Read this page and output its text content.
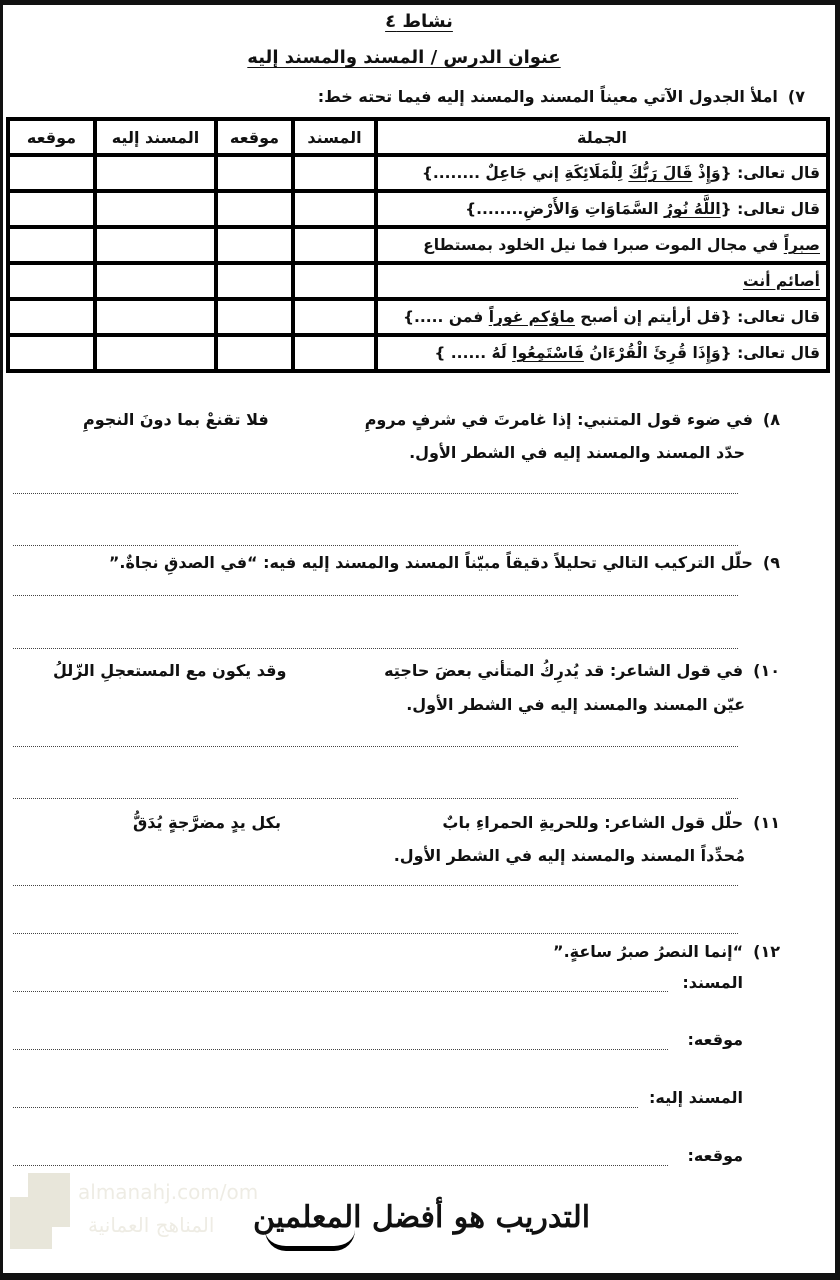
نشاط ٤
عنوان الدرس / المسند والمسند إليه
٧)املأ الجدول الآتي معيناً المسند والمسند إليه فيما تحته خط:
الجملة	المسند	موقعه	المسند إليه	موقعه
قال تعالى: {وَإِذْ قَالَ رَبُّكَ لِلْمَلَائِكَةِ إني جَاعِلٌ ........}				
قال تعالى: {اللَّهُ نُورُ السَّمَاوَاتِ وَالأَرْضِ........}				
صبراً في مجال الموت صبرا فما نيل الخلود بمستطاع				
أصائم أنت				
قال تعالى: {قل أرأيتم إن أصبح ماؤكم غوراً فمن .....}				
قال تعالى: {وَإِذَا قُرِئَ الْقُرْءَانُ فَاسْتَمِعُوا لَهُ ...... }				
٨)في ضوء قول المتنبي: إذا غامرتَ في شرفٍ مرومِ
فلا تقنعْ بما دونَ النجومِ
حدّد المسند والمسند إليه في الشطر الأول.
٩)حلّل التركيب التالي تحليلاً دقيقاً مبيّناً المسند والمسند إليه فيه: “في الصدقِ نجاةٌ.”
١٠)في قول الشاعر: قد يُدرِكُ المتأني بعضَ حاجتِه
وقد يكون مع المستعجلِ الزّللُ
عيّن المسند والمسند إليه في الشطر الأول.
١١)حلّل قول الشاعر: وللحريةِ الحمراءِ بابٌ
بكل يدٍ مضرَّجةٍ يُدَقُّ
مُحدِّداً المسند والمسند إليه في الشطر الأول.
١٢)“إنما النصرُ صبرُ ساعةٍ.”
المسند:
موقعه:
المسند إليه:
موقعه:
almanahj.com/om
المناهج العمانية التدريب هو أفضل المعلمين
